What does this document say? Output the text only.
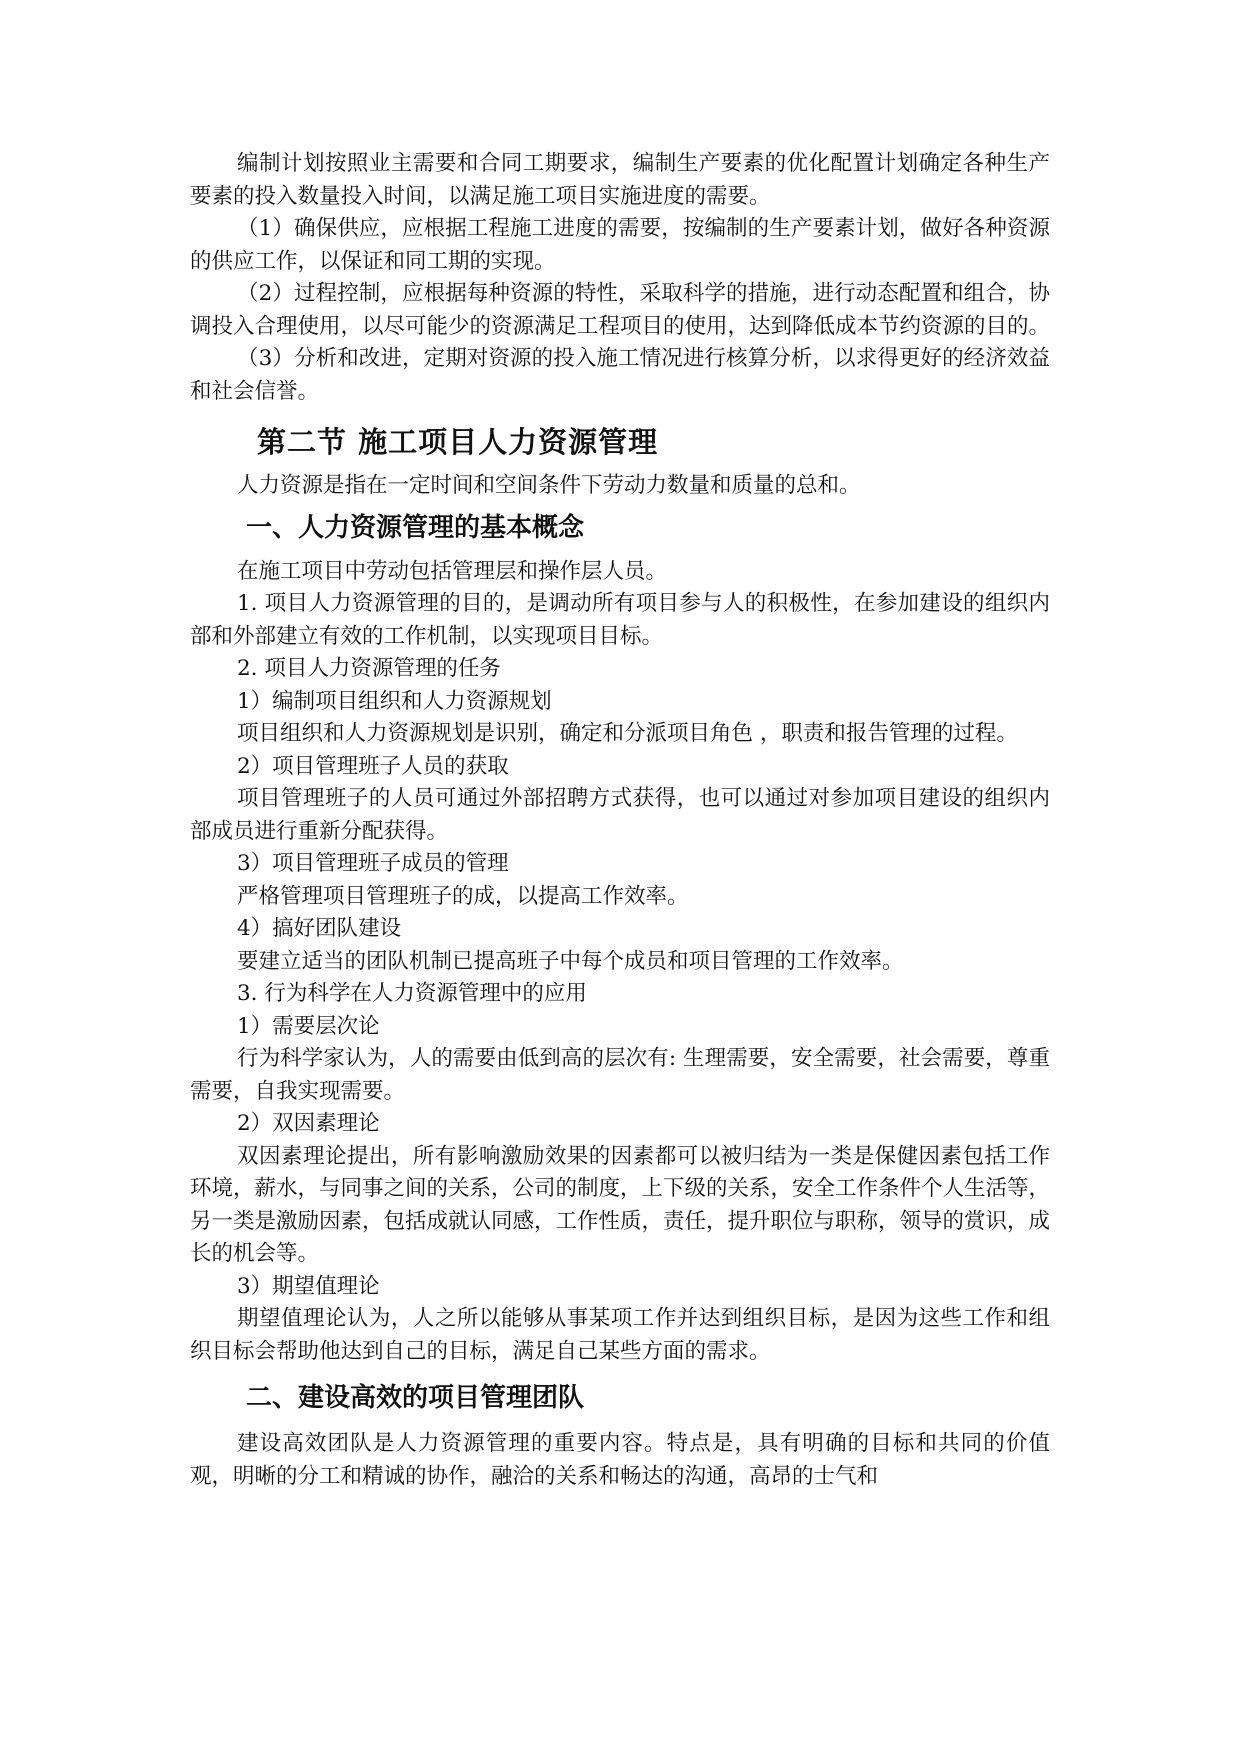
编制计划按照业主需要和合同工期要求，编制生产要素的优化配置计划确定各种生产要素的投入数量投入时间，以满足施工项目实施进度的需要。

（1）确保供应，应根据工程施工进度的需要，按编制的生产要素计划，做好各种资源的供应工作，以保证和同工期的实现。

（2）过程控制，应根据每种资源的特性，采取科学的措施，进行动态配置和组合，协调投入合理使用，以尽可能少的资源满足工程项目的使用，达到降低成本节约资源的目的。

（3）分析和改进，定期对资源的投入施工情况进行核算分析，以求得更好的经济效益和社会信誉。

第二节 施工项目人力资源管理

人力资源是指在一定时间和空间条件下劳动力数量和质量的总和。

一、人力资源管理的基本概念

在施工项目中劳动包括管理层和操作层人员。

1. 项目人力资源管理的目的，是调动所有项目参与人的积极性，在参加建设的组织内部和外部建立有效的工作机制，以实现项目目标。

2. 项目人力资源管理的任务

1）编制项目组织和人力资源规划

项目组织和人力资源规划是识别，确定和分派项目角色 ，职责和报告管理的过程。

2）项目管理班子人员的获取

项目管理班子的人员可通过外部招聘方式获得，也可以通过对参加项目建设的组织内部成员进行重新分配获得。

3）项目管理班子成员的管理

严格管理项目管理班子的成，以提高工作效率。

4）搞好团队建设

要建立适当的团队机制已提高班子中每个成员和项目管理的工作效率。

3. 行为科学在人力资源管理中的应用

1）需要层次论

行为科学家认为，人的需要由低到高的层次有: 生理需要，安全需要，社会需要，尊重需要，自我实现需要。

2）双因素理论

双因素理论提出，所有影响激励效果的因素都可以被归结为一类是保健因素包括工作环境，薪水，与同事之间的关系，公司的制度，上下级的关系，安全工作条件个人生活等，另一类是激励因素，包括成就认同感，工作性质，责任，提升职位与职称，领导的赏识，成长的机会等。

3）期望值理论

期望值理论认为，人之所以能够从事某项工作并达到组织目标，是因为这些工作和组织目标会帮助他达到自己的目标，满足自己某些方面的需求。

二、建设高效的项目管理团队

建设高效团队是人力资源管理的重要内容。特点是，具有明确的目标和共同的价值观，明晰的分工和精诚的协作，融洽的关系和畅达的沟通，高昂的士气和
